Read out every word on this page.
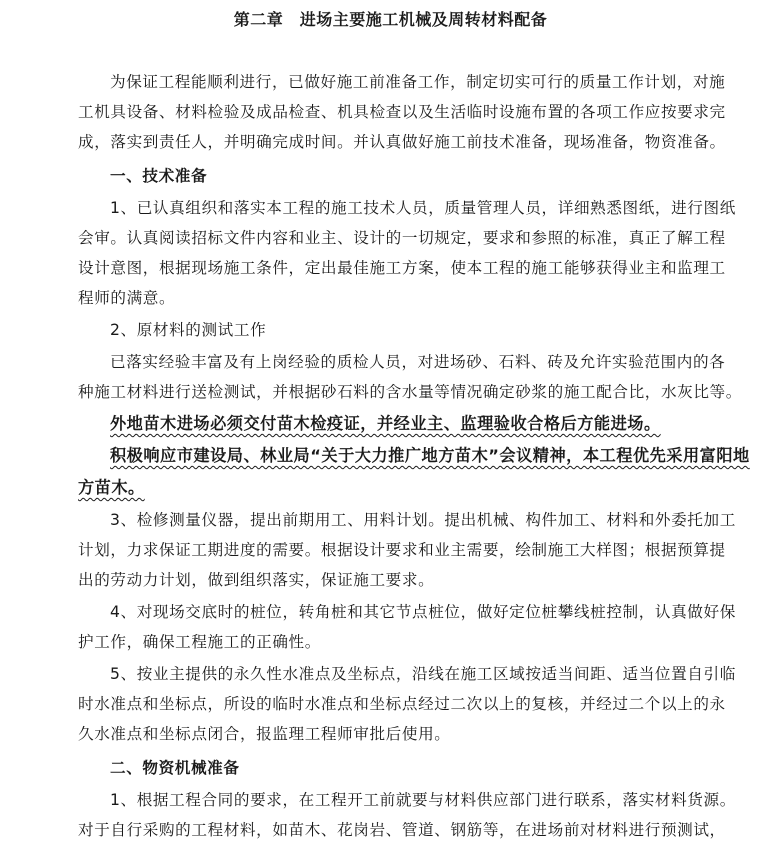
第二章　进场主要施工机械及周转材料配备
为保证工程能顺利进行，已做好施工前准备工作，制定切实可行的质量工作计划，对施
工机具设备、材料检验及成品检查、机具检查以及生活临时设施布置的各项工作应按要求完
成，落实到责任人，并明确完成时间。并认真做好施工前技术准备，现场准备，物资准备。
一、技术准备
1、已认真组织和落实本工程的施工技术人员，质量管理人员，详细熟悉图纸，进行图纸
会审。认真阅读招标文件内容和业主、设计的一切规定，要求和参照的标准，真正了解工程
设计意图，根据现场施工条件，定出最佳施工方案，使本工程的施工能够获得业主和监理工
程师的满意。
2、原材料的测试工作
已落实经验丰富及有上岗经验的质检人员，对进场砂、石料、砖及允许实验范围内的各
种施工材料进行送检测试，并根据砂石料的含水量等情况确定砂浆的施工配合比，水灰比等。
外地苗木进场必须交付苗木检疫证，并经业主、监理验收合格后方能进场。
积极响应市建设局、林业局“关于大力推广地方苗木”会议精神，本工程优先采用富阳地
方苗木。
3、检修测量仪器，提出前期用工、用料计划。提出机械、构件加工、材料和外委托加工
计划，力求保证工期进度的需要。根据设计要求和业主需要，绘制施工大样图；根据预算提
出的劳动力计划，做到组织落实，保证施工要求。
4、对现场交底时的桩位，转角桩和其它节点桩位，做好定位桩攀线桩控制，认真做好保
护工作，确保工程施工的正确性。
5、按业主提供的永久性水准点及坐标点，沿线在施工区域按适当间距、适当位置自引临
时水准点和坐标点，所设的临时水准点和坐标点经过二次以上的复核，并经过二个以上的永
久水准点和坐标点闭合，报监理工程师审批后使用。
二、物资机械准备
1、根据工程合同的要求，在工程开工前就要与材料供应部门进行联系，落实材料货源。
对于自行采购的工程材料，如苗木、花岗岩、管道、钢筋等，在进场前对材料进行预测试，
